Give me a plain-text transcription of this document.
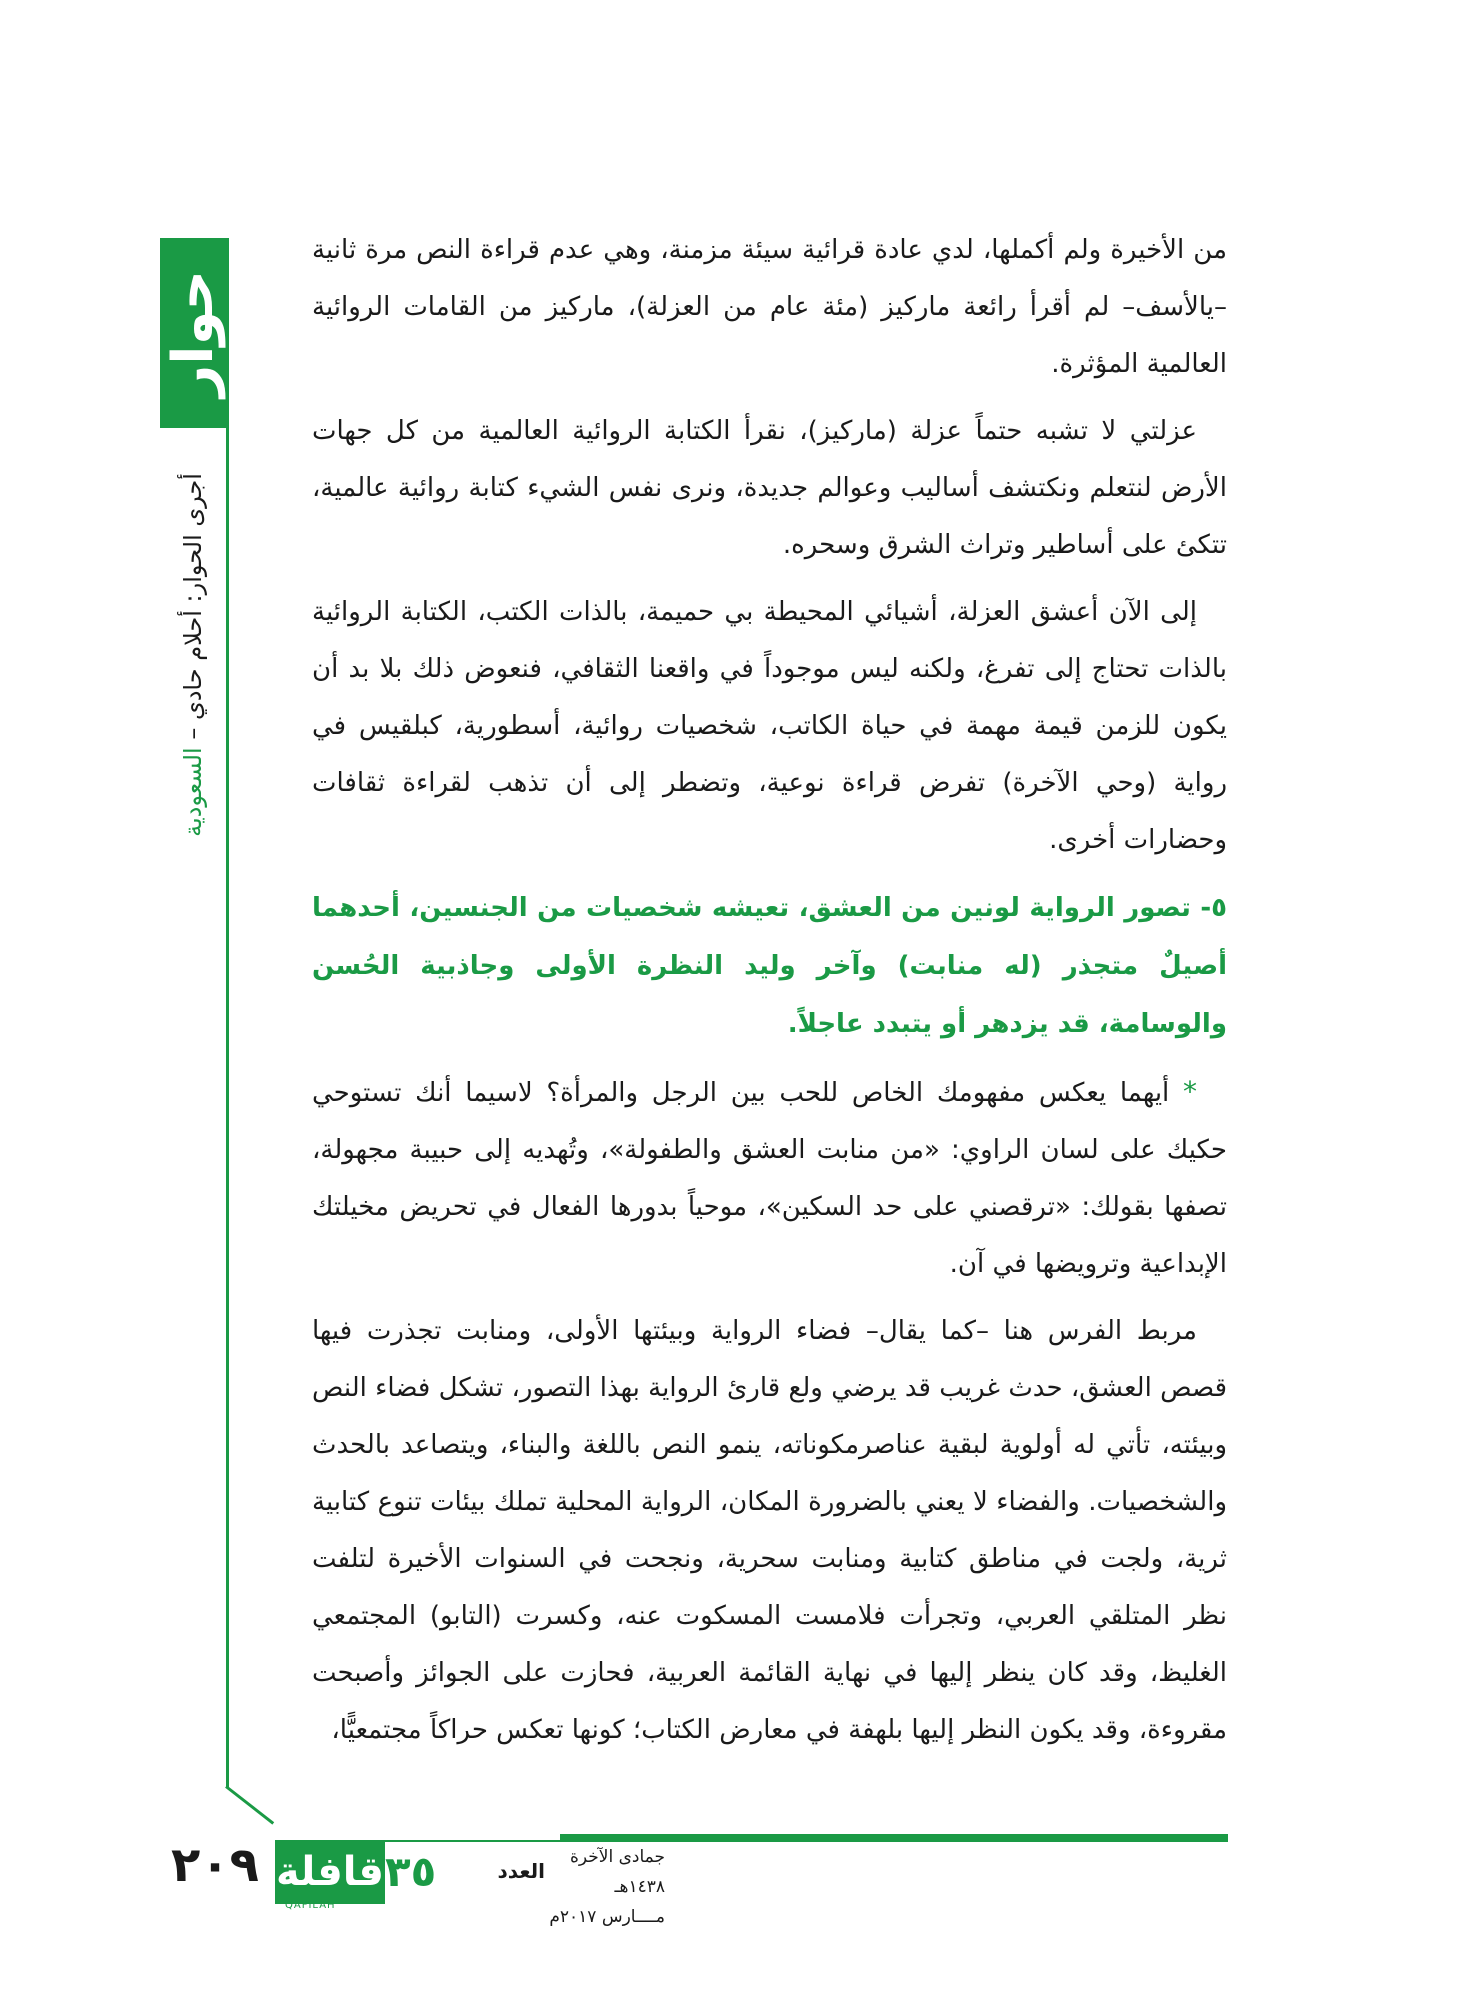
حوار
أجرى الحوار: أحلام حادي – السعودية

من الأخيرة ولم أكملها، لدي عادة قرائية سيئة مزمنة، وهي عدم قراءة النص مرة ثانية –يالأسف– لم أقرأ رائعة ماركيز (مئة عام من العزلة)، ماركيز من القامات الروائية العالمية المؤثرة.

عزلتي لا تشبه حتماً عزلة (ماركيز)، نقرأ الكتابة الروائية العالمية من كل جهات الأرض لنتعلم ونكتشف أساليب وعوالم جديدة، ونرى نفس الشيء كتابة روائية عالمية، تتكئ على أساطير وتراث الشرق وسحره.

إلى الآن أعشق العزلة، أشيائي المحيطة بي حميمة، بالذات الكتب، الكتابة الروائية بالذات تحتاج إلى تفرغ، ولكنه ليس موجوداً في واقعنا الثقافي، فنعوض ذلك بلا بد أن يكون للزمن قيمة مهمة في حياة الكاتب، شخصيات روائية، أسطورية، كبلقيس في رواية (وحي الآخرة) تفرض قراءة نوعية، وتضطر إلى أن تذهب لقراءة ثقافات وحضارات أخرى.

٥- تصور الرواية لونين من العشق، تعيشه شخصيات من الجنسين، أحدهما أصيلٌ متجذر (له منابت) وآخر وليد النظرة الأولى وجاذبية الحُسن والوسامة، قد يزدهر أو يتبدد عاجلاً.

* أيهما يعكس مفهومك الخاص للحب بين الرجل والمرأة؟ لاسيما أنك تستوحي حكيك على لسان الراوي: «من منابت العشق والطفولة»، وتُهديه إلى حبيبة مجهولة، تصفها بقولك: «ترقصني على حد السكين»، موحياً بدورها الفعال في تحريض مخيلتك الإبداعية وترويضها في آن.

مربط الفرس هنا –كما يقال– فضاء الرواية وبيئتها الأولى، ومنابت تجذرت فيها قصص العشق، حدث غريب قد يرضي ولع قارئ الرواية بهذا التصور، تشكل فضاء النص وبيئته، تأتي له أولوية لبقية عناصرمكوناته، ينمو النص باللغة والبناء، ويتصاعد بالحدث والشخصيات. والفضاء لا يعني بالضرورة المكان، الرواية المحلية تملك بيئات تنوع كتابية ثرية، ولجت في مناطق كتابية ومنابت سحرية، ونجحت في السنوات الأخيرة لتلفت نظر المتلقي العربي، وتجرأت فلامست المسكوت عنه، وكسرت (التابو) المجتمعي الغليظ، وقد كان ينظر إليها في نهاية القائمة العربية، فحازت على الجوائز وأصبحت مقروءة، وقد يكون النظر إليها بلهفة في معارض الكتاب؛ كونها تعكس حراكاً مجتمعيًّا،

٢٠٩ قافلة
QAFILAH
العدد
٣٥	جمادى الآخرة ١٤٣٨هـ
مــــارس ٢٠١٧م
